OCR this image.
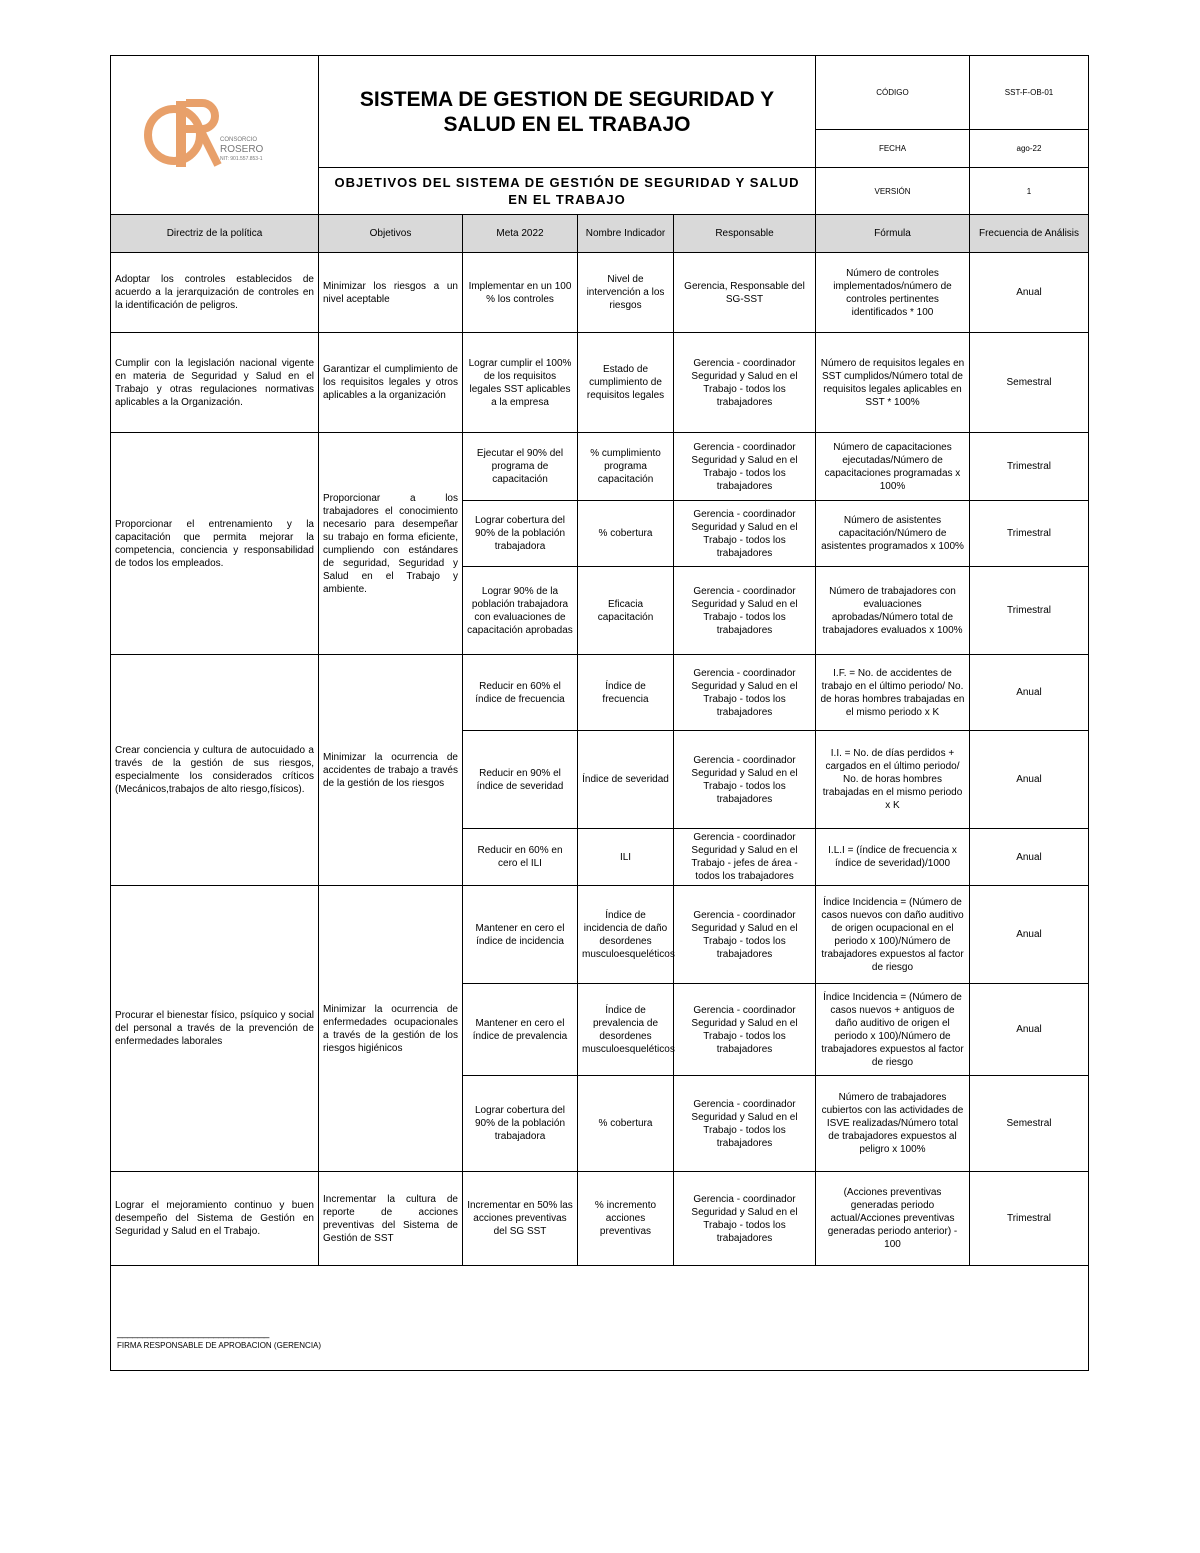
CONSORCIO
ROSERO
NIT: 901.557.853-1	SISTEMA DE GESTION DE SEGURIDAD Y SALUD EN EL TRABAJO	CÓDIGO	SST-F-OB-01
		FECHA	ago-22
	OBJETIVOS DEL SISTEMA DE GESTIÓN DE SEGURIDAD Y SALUD EN EL TRABAJO	VERSIÓN	1
Directriz de la política	Objetivos	Meta 2022	Nombre Indicador	Responsable	Fórmula	Frecuencia de Análisis
Adoptar los controles establecidos de acuerdo a la jerarquización de controles en la identificación de peligros.	Minimizar los riesgos a un nivel aceptable	Implementar en un 100 % los controles	Nivel de intervención a los riesgos	Gerencia, Responsable del SG-SST	Número de controles implementados/número de controles pertinentes identificados * 100	Anual
Cumplir con la legislación nacional vigente en materia de Seguridad y Salud en el Trabajo y otras regulaciones normativas aplicables a la Organización.	Garantizar el cumplimiento de los requisitos legales y otros aplicables a la organización	Lograr cumplir el 100% de los requisitos legales SST aplicables a la empresa	Estado de cumplimiento de requisitos legales	Gerencia - coordinador Seguridad y Salud en el Trabajo - todos los trabajadores	Número de requisitos legales en SST cumplidos/Número total de requisitos legales aplicables en SST * 100%	Semestral
Proporcionar el entrenamiento y la capacitación que permita mejorar la competencia, conciencia y responsabilidad de todos los empleados.	Proporcionar a los trabajadores el conocimiento necesario para desempeñar su trabajo en forma eficiente, cumpliendo con estándares de seguridad, Seguridad y Salud en el Trabajo y ambiente.	Ejecutar el 90% del programa de capacitación	% cumplimiento programa capacitación	Gerencia - coordinador Seguridad y Salud en el Trabajo - todos los trabajadores	Número de capacitaciones ejecutadas/Número de capacitaciones programadas x 100%	Trimestral
		Lograr cobertura del 90% de la población trabajadora	% cobertura	Gerencia - coordinador Seguridad y Salud en el Trabajo - todos los trabajadores	Número de asistentes capacitación/Número de asistentes programados x 100%	Trimestral
		Lograr 90% de la población trabajadora con evaluaciones de capacitación aprobadas	Eficacia capacitación	Gerencia - coordinador Seguridad y Salud en el Trabajo - todos los trabajadores	Número de trabajadores con evaluaciones aprobadas/Número total de trabajadores evaluados x 100%	Trimestral
Crear conciencia y cultura de autocuidado a través de la gestión de sus riesgos, especialmente los considerados críticos (Mecánicos,trabajos de alto riesgo,físicos).	Minimizar la ocurrencia de accidentes de trabajo a través de la gestión de los riesgos	Reducir en 60% el índice de frecuencia	Índice de frecuencia	Gerencia - coordinador Seguridad y Salud en el Trabajo - todos los trabajadores	I.F. = No. de accidentes de trabajo en el último periodo/ No. de horas hombres trabajadas en el mismo periodo x K	Anual
		Reducir en 90% el índice de severidad	Índice de severidad	Gerencia - coordinador Seguridad y Salud en el Trabajo - todos los trabajadores	I.I. = No. de días perdidos + cargados en el último periodo/ No. de horas hombres trabajadas en el mismo periodo x K	Anual
		Reducir en 60% en cero el ILI	ILI	Gerencia - coordinador Seguridad y Salud en el Trabajo - jefes de área - todos los trabajadores	I.L.I = (índice de frecuencia x índice de severidad)/1000	Anual
Procurar el bienestar físico, psíquico y social del personal a través de la prevención de enfermedades laborales	Minimizar la ocurrencia de enfermedades ocupacionales a través de la gestión de los riesgos higiénicos	Mantener en cero el índice de incidencia	Índice de incidencia de daño desordenes musculoesqueléticos	Gerencia - coordinador Seguridad y Salud en el Trabajo - todos los trabajadores	Índice Incidencia = (Número de casos nuevos con daño auditivo de origen ocupacional en el periodo x 100)/Número de trabajadores expuestos al factor de riesgo	Anual
		Mantener en cero el índice de prevalencia	Índice de prevalencia de desordenes musculoesqueléticos	Gerencia - coordinador Seguridad y Salud en el Trabajo - todos los trabajadores	Índice Incidencia = (Número de casos nuevos + antiguos de daño auditivo de origen el periodo x 100)/Número de trabajadores expuestos al factor de riesgo	Anual
		Lograr cobertura del 90% de la población trabajadora	% cobertura	Gerencia - coordinador Seguridad y Salud en el Trabajo - todos los trabajadores	Número de trabajadores cubiertos con las actividades de ISVE realizadas/Número total de trabajadores expuestos al peligro x 100%	Semestral
Lograr el mejoramiento continuo y buen desempeño del Sistema de Gestión en Seguridad y Salud en el Trabajo.	Incrementar la cultura de reporte de acciones preventivas del Sistema de Gestión de SST	Incrementar en 50% las acciones preventivas del SG SST	% incremento acciones preventivas	Gerencia - coordinador Seguridad y Salud en el Trabajo - todos los trabajadores	(Acciones preventivas generadas periodo actual/Acciones preventivas generadas periodo anterior) - 100	Trimestral

______________________________
FIRMA RESPONSABLE DE APROBACION (GERENCIA)						
